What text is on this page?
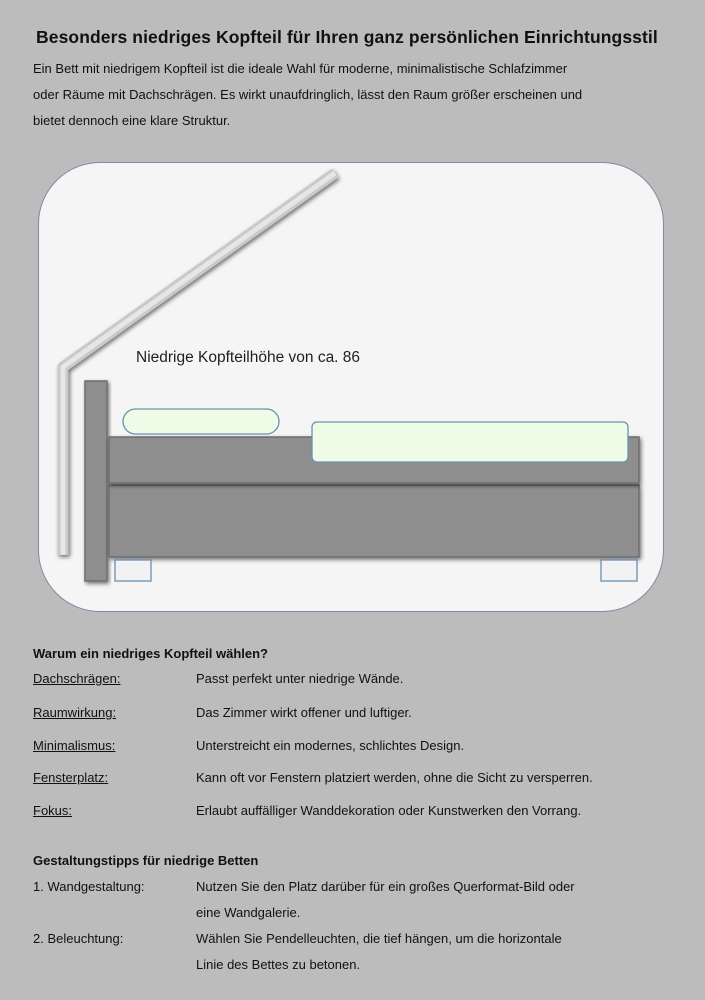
Besonders niedriges Kopfteil für Ihren ganz persönlichen Einrichtungsstil
Ein Bett mit niedrigem Kopfteil ist die ideale Wahl für moderne, minimalistische Schlafzimmer
oder Räume mit Dachschrägen. Es wirkt unaufdringlich, lässt den Raum größer erscheinen und
bietet dennoch eine klare Struktur.
Niedrige Kopfteilhöhe von ca. 86
Warum ein niedriges Kopfteil wählen?
Dachschrägen:	Passt perfekt unter niedrige Wände.
Raumwirkung:	Das Zimmer wirkt offener und luftiger.
Minimalismus:	Unterstreicht ein modernes, schlichtes Design.
Fensterplatz:	Kann oft vor Fenstern platziert werden, ohne die Sicht zu versperren.
Fokus:	Erlaubt auffälliger Wanddekoration oder Kunstwerken den Vorrang.
Gestaltungstipps für niedrige Betten
1. Wandgestaltung:	Nutzen Sie den Platz darüber für ein großes Querformat-Bild oder
eine Wandgalerie.
2. Beleuchtung:	Wählen Sie Pendelleuchten, die tief hängen, um die horizontale
Linie des Bettes zu betonen.
